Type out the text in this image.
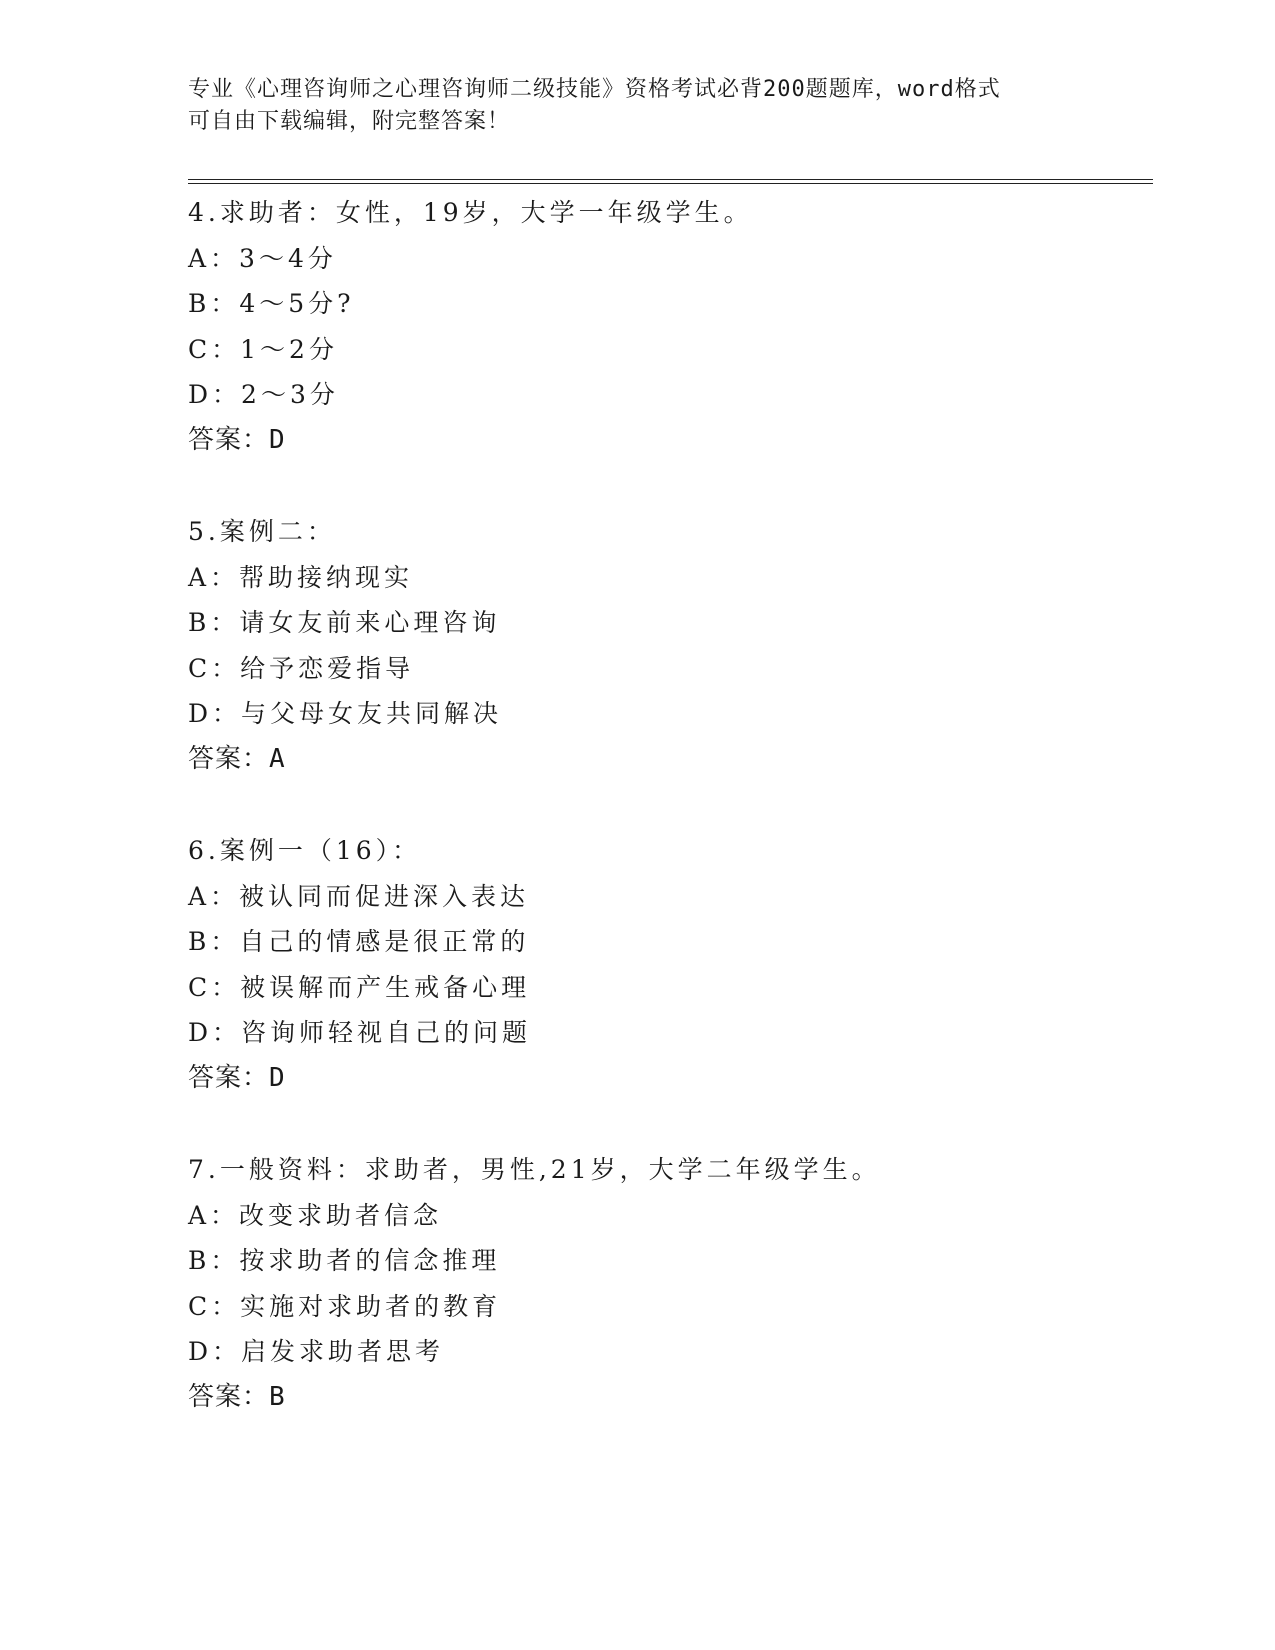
专业《心理咨询师之心理咨询师二级技能》资格考试必背200题题库，word格式
可自由下载编辑，附完整答案！
4.求助者：女性，19岁，大学一年级学生。
A：3～4分
B：4～5分?
C：1～2分
D：2～3分
答案：D
5.案例二：
A：帮助接纳现实
B：请女友前来心理咨询
C：给予恋爱指导
D：与父母女友共同解决
答案：A
6.案例一（16）：
A：被认同而促进深入表达
B：自己的情感是很正常的
C：被误解而产生戒备心理
D：咨询师轻视自己的问题
答案：D
7.一般资料：求助者，男性,21岁，大学二年级学生。
A：改变求助者信念
B：按求助者的信念推理
C：实施对求助者的教育
D：启发求助者思考
答案：B
